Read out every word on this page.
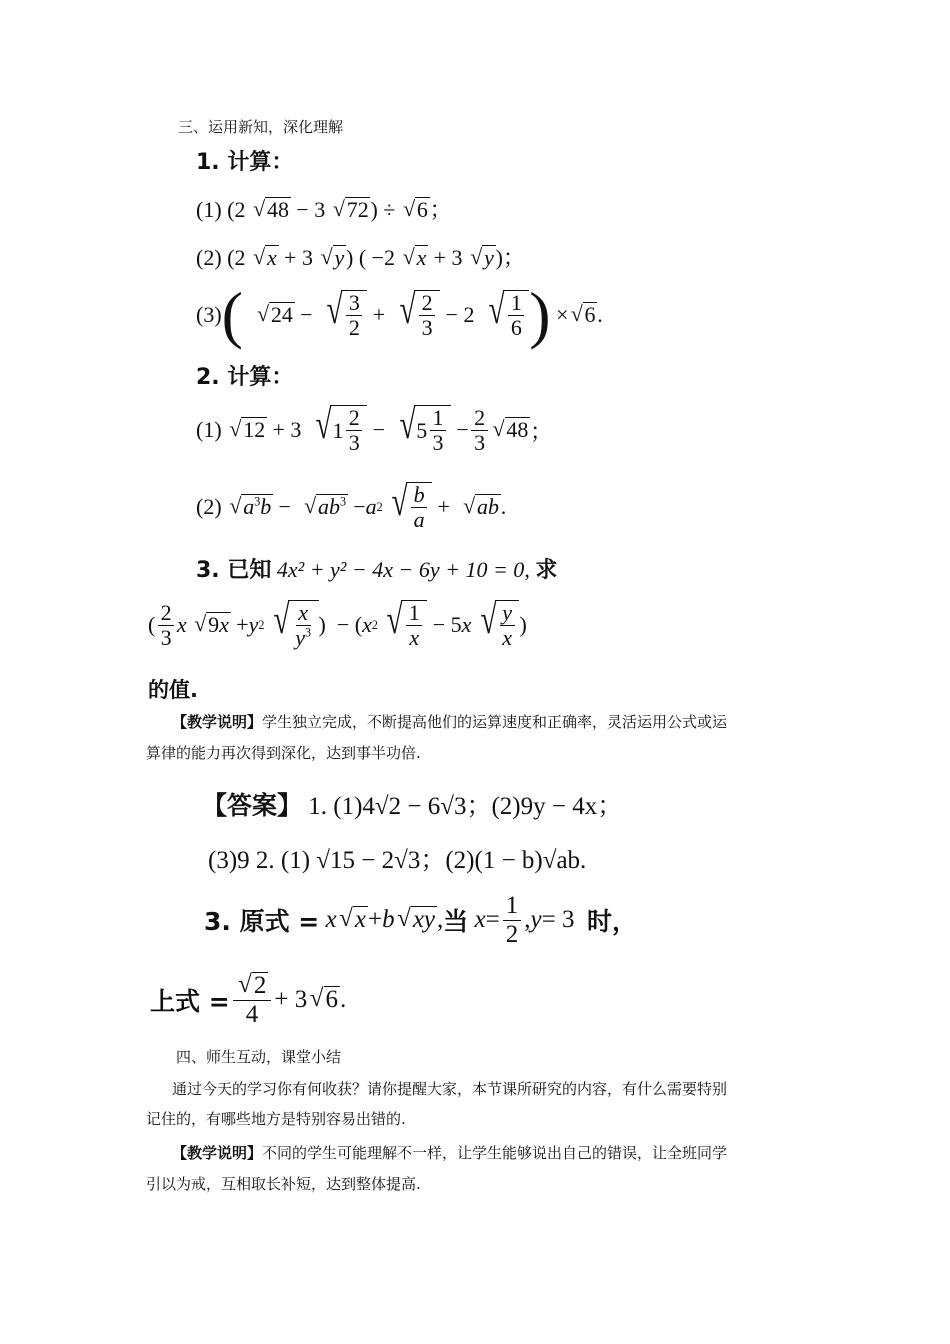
三、运用新知，深化理解
1. 计算：
(1) (2 √ 48 − 3 √ 72) ÷ √ 6；
(2) (2 √ x + 3 √ y) ( −2 √ x + 3 √ y)；
(3) (	√ 24 − √ $\frac{3}{2}$ + √ $\frac{2}{3} - 2$ √ $\frac{1}{6}$ ) × √ 6 .
2. 计算：
(1)
√ 12 + 3 √ $1 \frac{2}{3}$ − √ $5 \frac{1}{3} - \frac{2}{3}$ √ 48 ；
(2)
√ $a^3b$ − √ $ab^3 - a$ 2
√ $\frac{b}{a}$ + √ ab .
3. 已知 4x² + y² − 4x − 6y + 10 = 0, 求
( $\frac{2}{3}$ x
√ 9x + y 2
√ $\frac{x}{y^3}$ )  − ( x 2
√ $\frac{1}{x} - 5$ x
√ $\frac{y}{x}$ )
的值.
【教学说明】学生独立完成，不断提高他们的运算速度和正确率，灵活运用公式或运
算律的能力再次得到深化，达到事半功倍.
【答案】 1. (1)4√2 − 6√3；(2)9y − 4x；
(3)9 2. (1) √15 − 2√3；(2)(1 − b)√ab.
3. 原式 =
x √ x + b √ xy , 当
$x = \frac{1}{2}$ , y = 3 时，
上式 = √ $\frac{2}{4} + 3$ √ 6 .
四、师生互动，课堂小结
通过今天的学习你有何收获？请你提醒大家，本节课所研究的内容，有什么需要特别
记住的，有哪些地方是特别容易出错的.
【教学说明】不同的学生可能理解不一样，让学生能够说出自己的错误，让全班同学
引以为戒，互相取长补短，达到整体提高.
